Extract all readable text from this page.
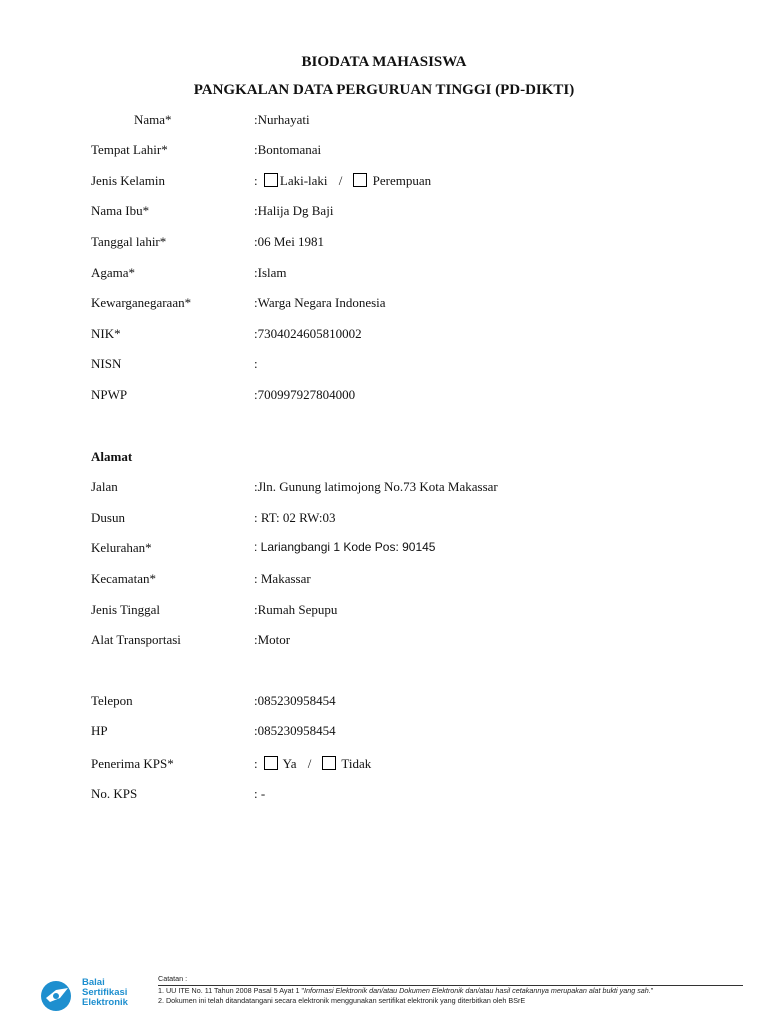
BIODATA MAHASISWA
PANGKALAN DATA PERGURUAN TINGGI (PD-DIKTI)
Nama*	:Nurhayati
Tempat Lahir*	:Bontomanai
Jenis Kelamin	: Laki-laki / Perempuan
Nama Ibu*	:Halija Dg Baji
Tanggal lahir*	:06 Mei 1981
Agama*	:Islam
Kewarganegaraan*	:Warga Negara Indonesia
NIK*	:7304024605810002
NISN	:
NPWP	:700997927804000
Alamat
Jalan	:Jln. Gunung latimojong No.73 Kota Makassar
Dusun	: RT: 02 RW:03
Kelurahan*	: Lariangbangi 1 Kode Pos: 90145
Kecamatan*	: Makassar
Jenis Tinggal	:Rumah Sepupu
Alat Transportasi	:Motor
Telepon	:085230958454
HP	:085230958454
Penerima KPS*	: Ya / Tidak
No. KPS	: -
Balai
Sertifikasi
Elektronik
Catatan :
1. UU ITE No. 11 Tahun 2008 Pasal 5 Ayat 1 "Informasi Elektronik dan/atau Dokumen Elektronik dan/atau hasil cetakannya merupakan alat bukti yang sah."
2. Dokumen ini telah ditandatangani secara elektronik menggunakan sertifikat elektronik yang diterbitkan oleh BSrE
